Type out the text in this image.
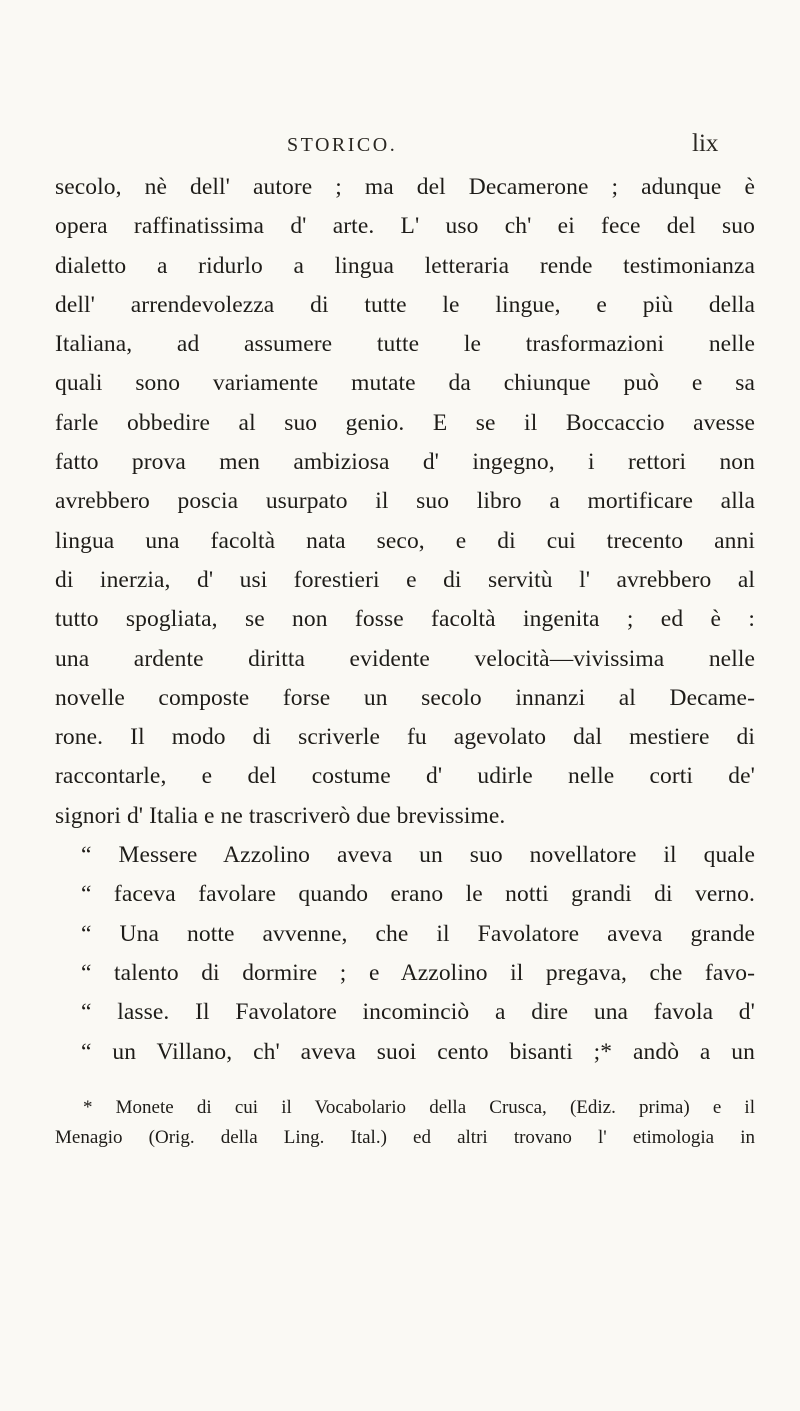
STORICO.	lix
secolo, nè dell' autore ; ma del Decamerone ; adunque è
opera raffinatissima d' arte. L' uso ch' ei fece del suo
dialetto a ridurlo a lingua letteraria rende testimonianza
dell' arrendevolezza di tutte le lingue, e più della
Italiana, ad assumere tutte le trasformazioni nelle
quali sono variamente mutate da chiunque può e sa
farle obbedire al suo genio. E se il Boccaccio avesse
fatto prova men ambiziosa d' ingegno, i rettori non
avrebbero poscia usurpato il suo libro a mortificare alla
lingua una facoltà nata seco, e di cui trecento anni
di inerzia, d' usi forestieri e di servitù l' avrebbero al
tutto spogliata, se non fosse facoltà ingenita ; ed è :
una ardente diritta evidente velocità—vivissima nelle
novelle composte forse un secolo innanzi al Decame-
rone. Il modo di scriverle fu agevolato dal mestiere di
raccontarle, e del costume d' udirle nelle corti de'
signori d' Italia e ne trascriverò due brevissime.
“ Messere Azzolino aveva un suo novellatore il quale
“ faceva favolare quando erano le notti grandi di verno.
“ Una notte avvenne, che il Favolatore aveva grande
“ talento di dormire ; e Azzolino il pregava, che favo-
“ lasse. Il Favolatore incominciò a dire una favola d'
“ un Villano, ch' aveva suoi cento bisanti ;* andò a un
* Monete di cui il Vocabolario della Crusca, (Ediz. prima) e il
Menagio (Orig. della Ling. Ital.) ed altri trovano l' etimologia in
